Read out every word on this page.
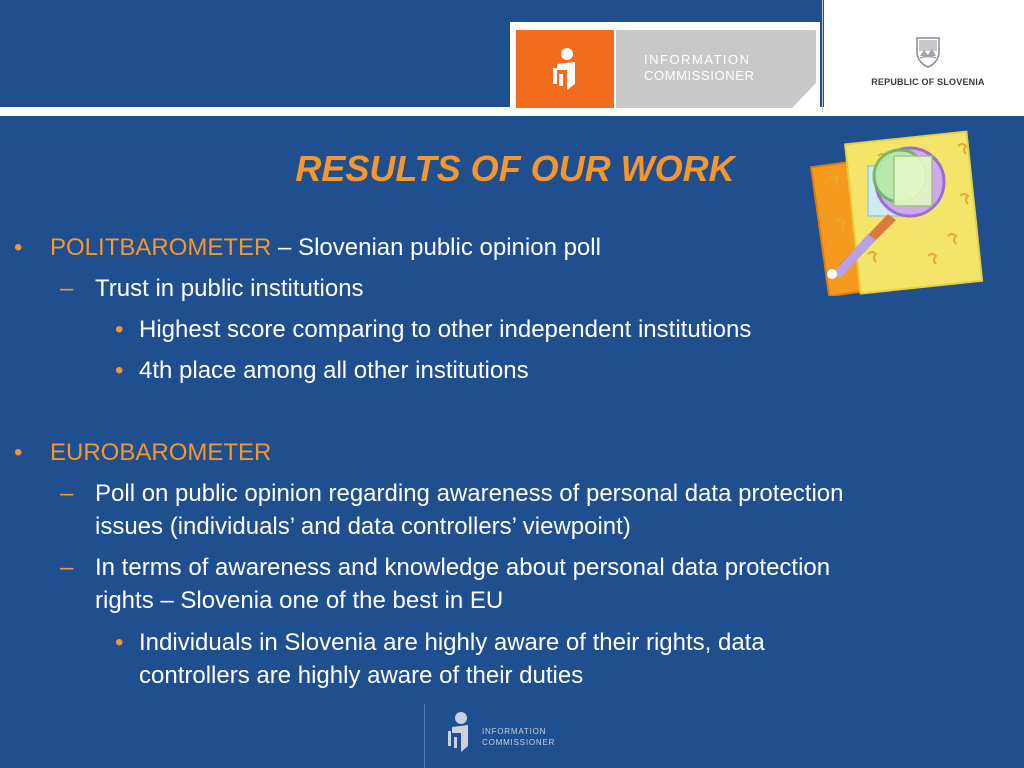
INFORMATION
COMMISSIONER	REPUBLIC OF SLOVENIA
RESULTS OF OUR WORK
• POLITBAROMETER – Slovenian public opinion poll
– Trust in public institutions
• Highest score comparing to other independent institutions
• 4th place among all other institutions
• EUROBAROMETER
– Poll on public opinion regarding awareness of personal data protection
issues (individuals’ and data controllers’ viewpoint)
– In terms of awareness and knowledge about personal data protection
rights – Slovenia one of the best in EU
• Individuals in Slovenia are highly aware of their rights, data
controllers are highly aware of their duties
INFORMATION
COMMISSIONER
